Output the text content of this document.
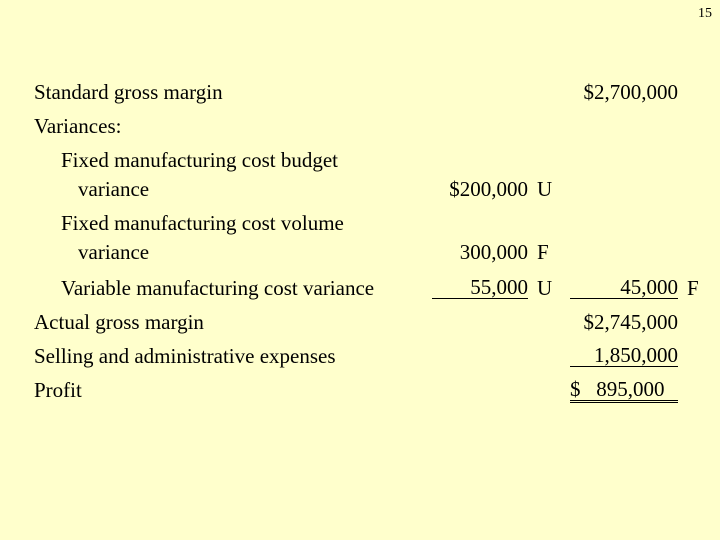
15
Standard gross margin	$2,700,000
Variances:
Fixed manufacturing cost budget
variance	$200,000 U
Fixed manufacturing cost volume
variance	300,000 F
Variable manufacturing cost variance	55,000 U	45,000 F
Actual gross margin	$2,745,000
Selling and administrative expenses	1,850,000
Profit	$   895,000
